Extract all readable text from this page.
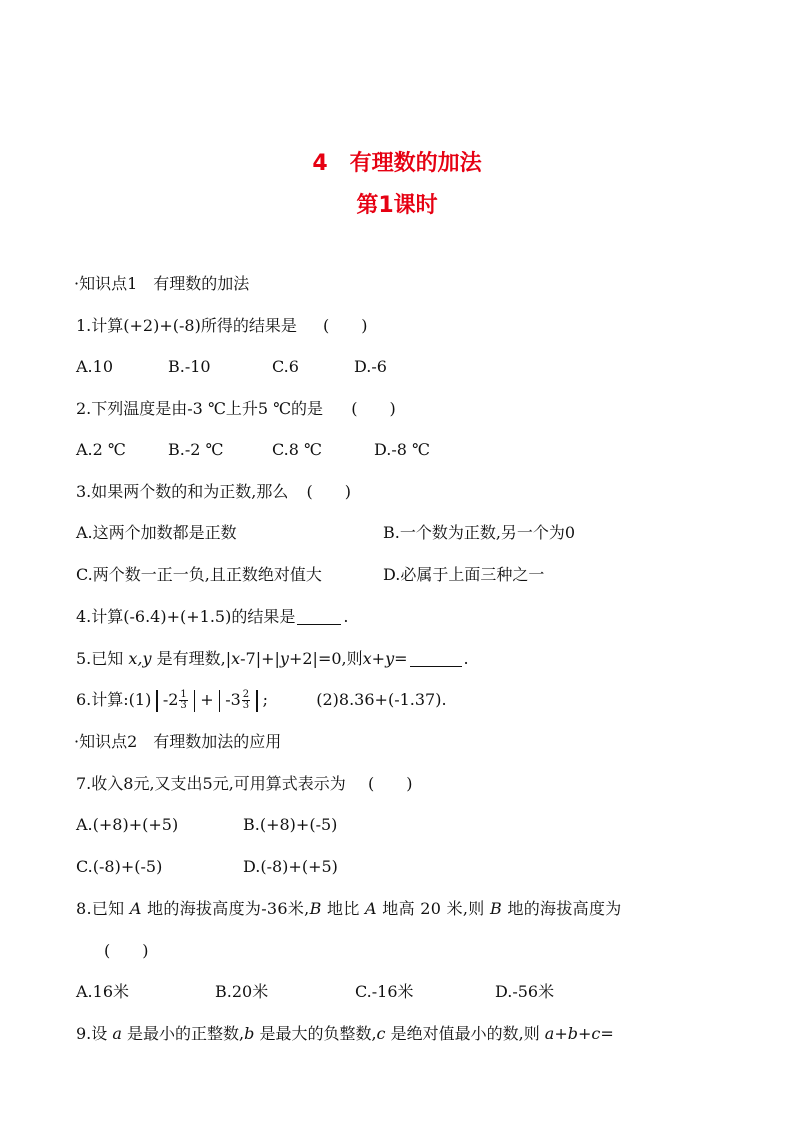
4　有理数的加法
第1课时
·知识点1　有理数的加法
1.计算(+2)+(-8)所得的结果是 (　　)
A.10	B.-10	C.6	D.-6
2.下列温度是由-3 ℃上升5 ℃的是 (　　)
A.2 ℃	B.-2 ℃	C.8 ℃	D.-8 ℃
3.如果两个数的和为正数,那么 (　　)
A.这两个加数都是正数	B.一个数为正数,另一个为0
C.两个数一正一负,且正数绝对值大	D.必属于上面三种之一
4.计算(-6.4)+(+1.5)的结果是	.
5.已知 x,y 是有理数,|x-7|+|y+2|=0,则x+y=	.
6.计算:(1) $-2 \frac{1}{3} + -3 \frac{2}{3}$ ;	(2)8.36+(-1.37).
·知识点2　有理数加法的应用
7.收入8元,又支出5元,可用算式表示为 (　　)
A.(+8)+(+5)	B.(+8)+(-5)
C.(-8)+(-5)	D.(-8)+(+5)
8.已知 A 地的海拔高度为-36米,B 地比 A 地高 20 米,则 B 地的海拔高度为
(　　)
A.16米	B.20米	C.-16米	D.-56米
9.设 a 是最小的正整数,b 是最大的负整数,c 是绝对值最小的数,则 a+b+c=
